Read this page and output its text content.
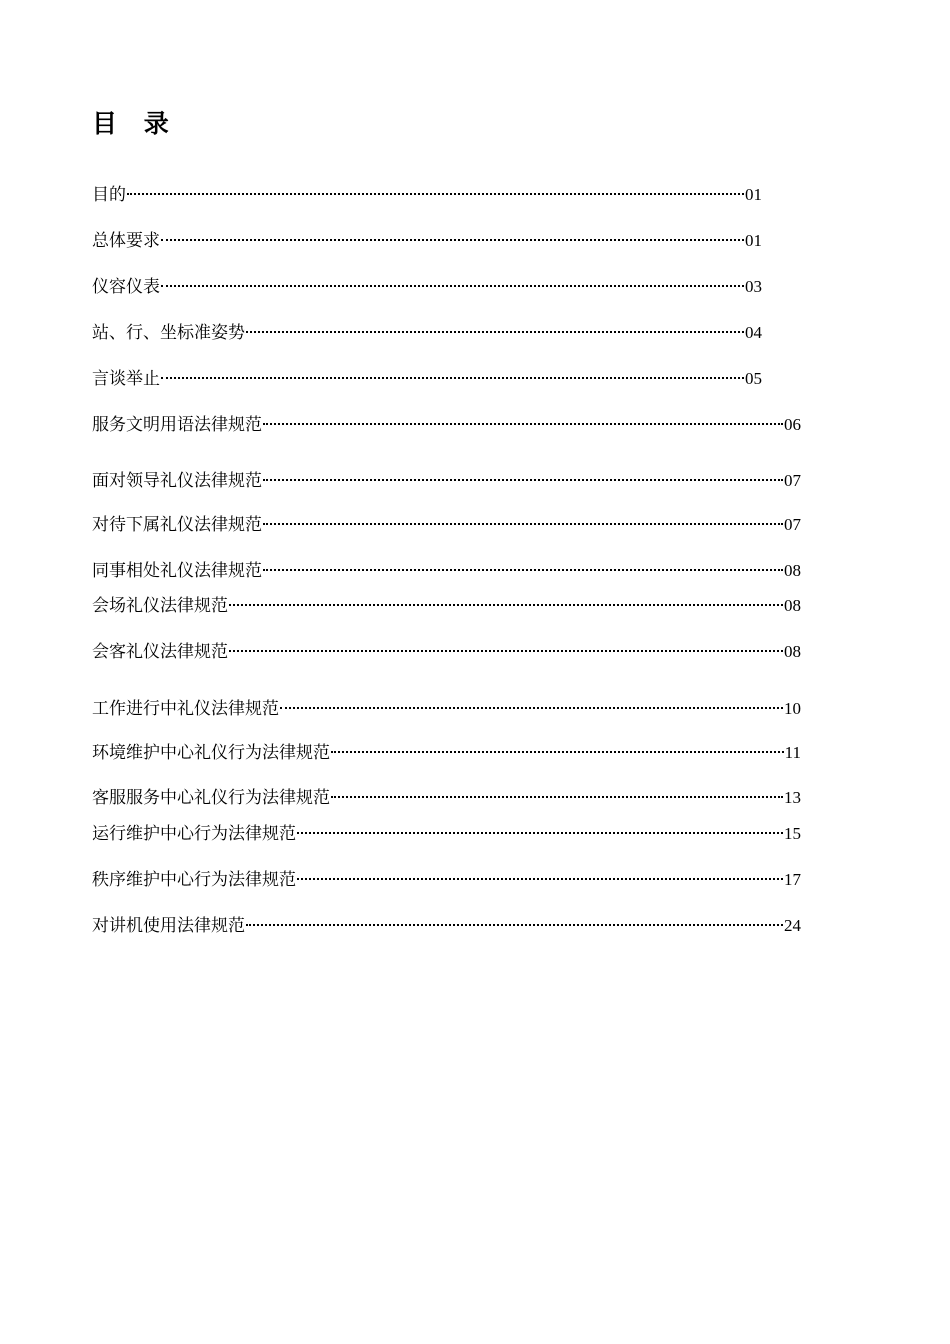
目 录
目的	01
总体要求	01
仪容仪表	03
站、行、坐标准姿势	04
言谈举止	05
服务文明用语法律规范	06
面对领导礼仪法律规范	07
对待下属礼仪法律规范	07
同事相处礼仪法律规范	08
会场礼仪法律规范	08
会客礼仪法律规范	08
工作进行中礼仪法律规范	10
环境维护中心礼仪行为法律规范	11
客服服务中心礼仪行为法律规范	13
运行维护中心行为法律规范	15
秩序维护中心行为法律规范	17
对讲机使用法律规范	24
